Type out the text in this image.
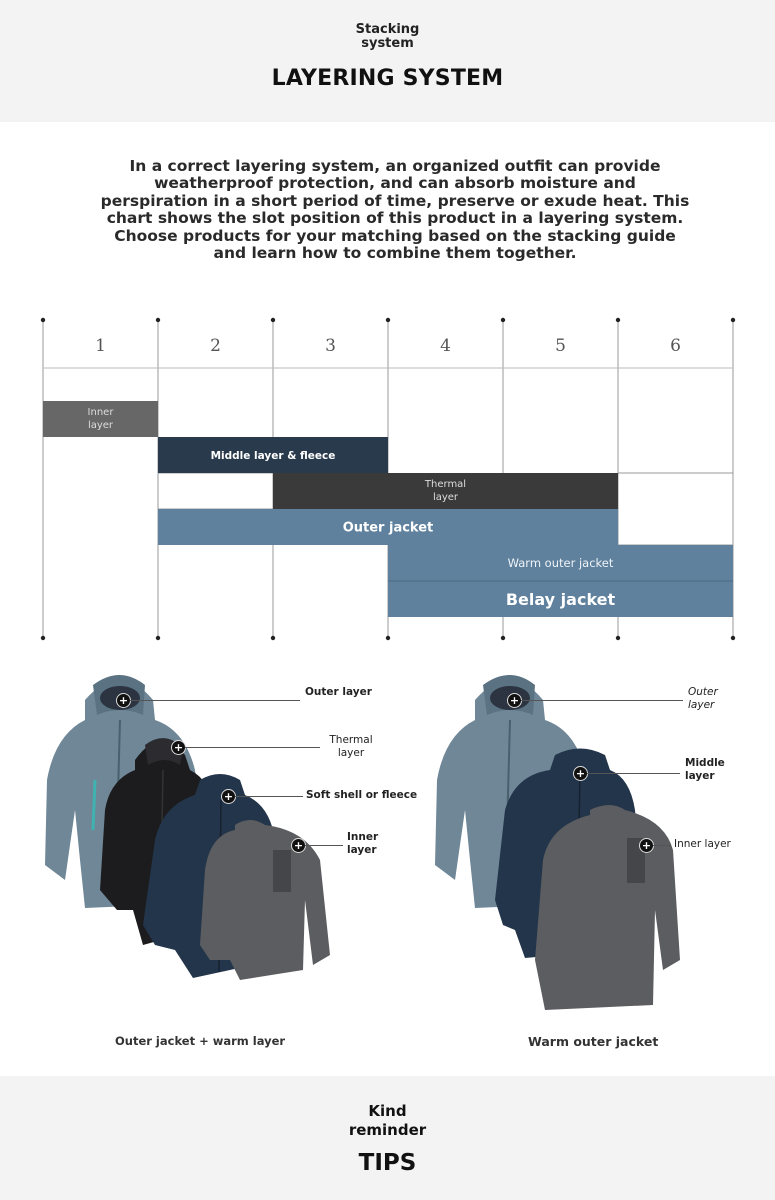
Stacking
system
LAYERING SYSTEM
In a correct layering system, an organized outfit can provide weatherproof protection, and can absorb moisture and perspiration in a short period of time, preserve or exude heat. This chart shows the slot position of this product in a layering system. Choose products for your matching based on the stacking guide and learn how to combine them together.
1	2	3	4	5	6
Inner layer
Middle layer & fleece
Thermal layer
Outer jacket
Warm outer jacket
Belay jacket
+
Outer layer
+
Thermal layer
+	Soft shell or fleece
+
Inner layer
Outer jacket + warm layer
+
Outer layer
+
Middle layer
+ Inner layer
Warm outer jacket
Kind
reminder
TIPS
